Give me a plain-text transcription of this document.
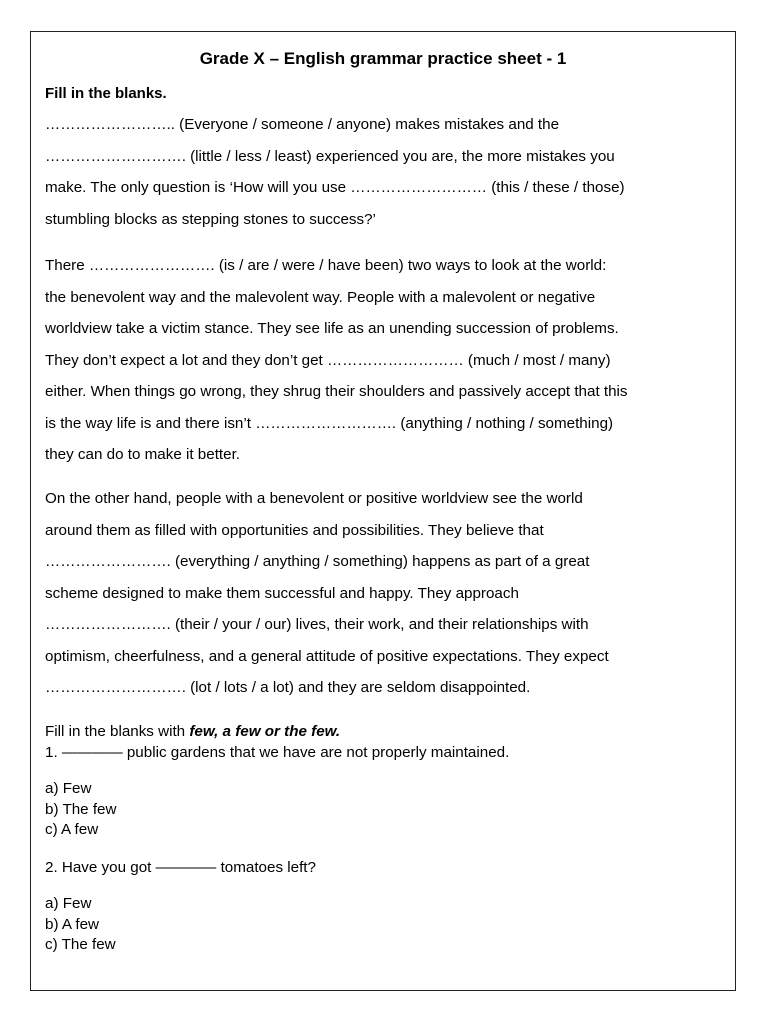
Grade X – English grammar practice sheet - 1
Fill in the blanks.
…………………….. (Everyone / someone / anyone) makes mistakes and the
………………………. (little / less / least) experienced you are, the more mistakes you
make. The only question is ‘How will you use ……………………… (this / these / those)
stumbling blocks as stepping stones to success?’
There ……………………. (is / are / were / have been) two ways to look at the world:
the benevolent way and the malevolent way. People with a malevolent or negative
worldview take a victim stance. They see life as an unending succession of problems.
They don’t expect a lot and they don’t get ……………………… (much / most / many)
either. When things go wrong, they shrug their shoulders and passively accept that this
is the way life is and there isn’t ………………………. (anything / nothing / something)
they can do to make it better.
On the other hand, people with a benevolent or positive worldview see the world
around them as filled with opportunities and possibilities. They believe that
……………………. (everything / anything / something) happens as part of a great
scheme designed to make them successful and happy. They approach
……………………. (their / your / our) lives, their work, and their relationships with
optimism, cheerfulness, and a general attitude of positive expectations. They expect
………………………. (lot / lots / a lot) and they are seldom disappointed.
Fill in the blanks with few, a few or the few.
1. ———— public gardens that we have are not properly maintained.
a) Few
b) The few
c) A few
2. Have you got ———— tomatoes left?
a) Few
b) A few
c) The few
